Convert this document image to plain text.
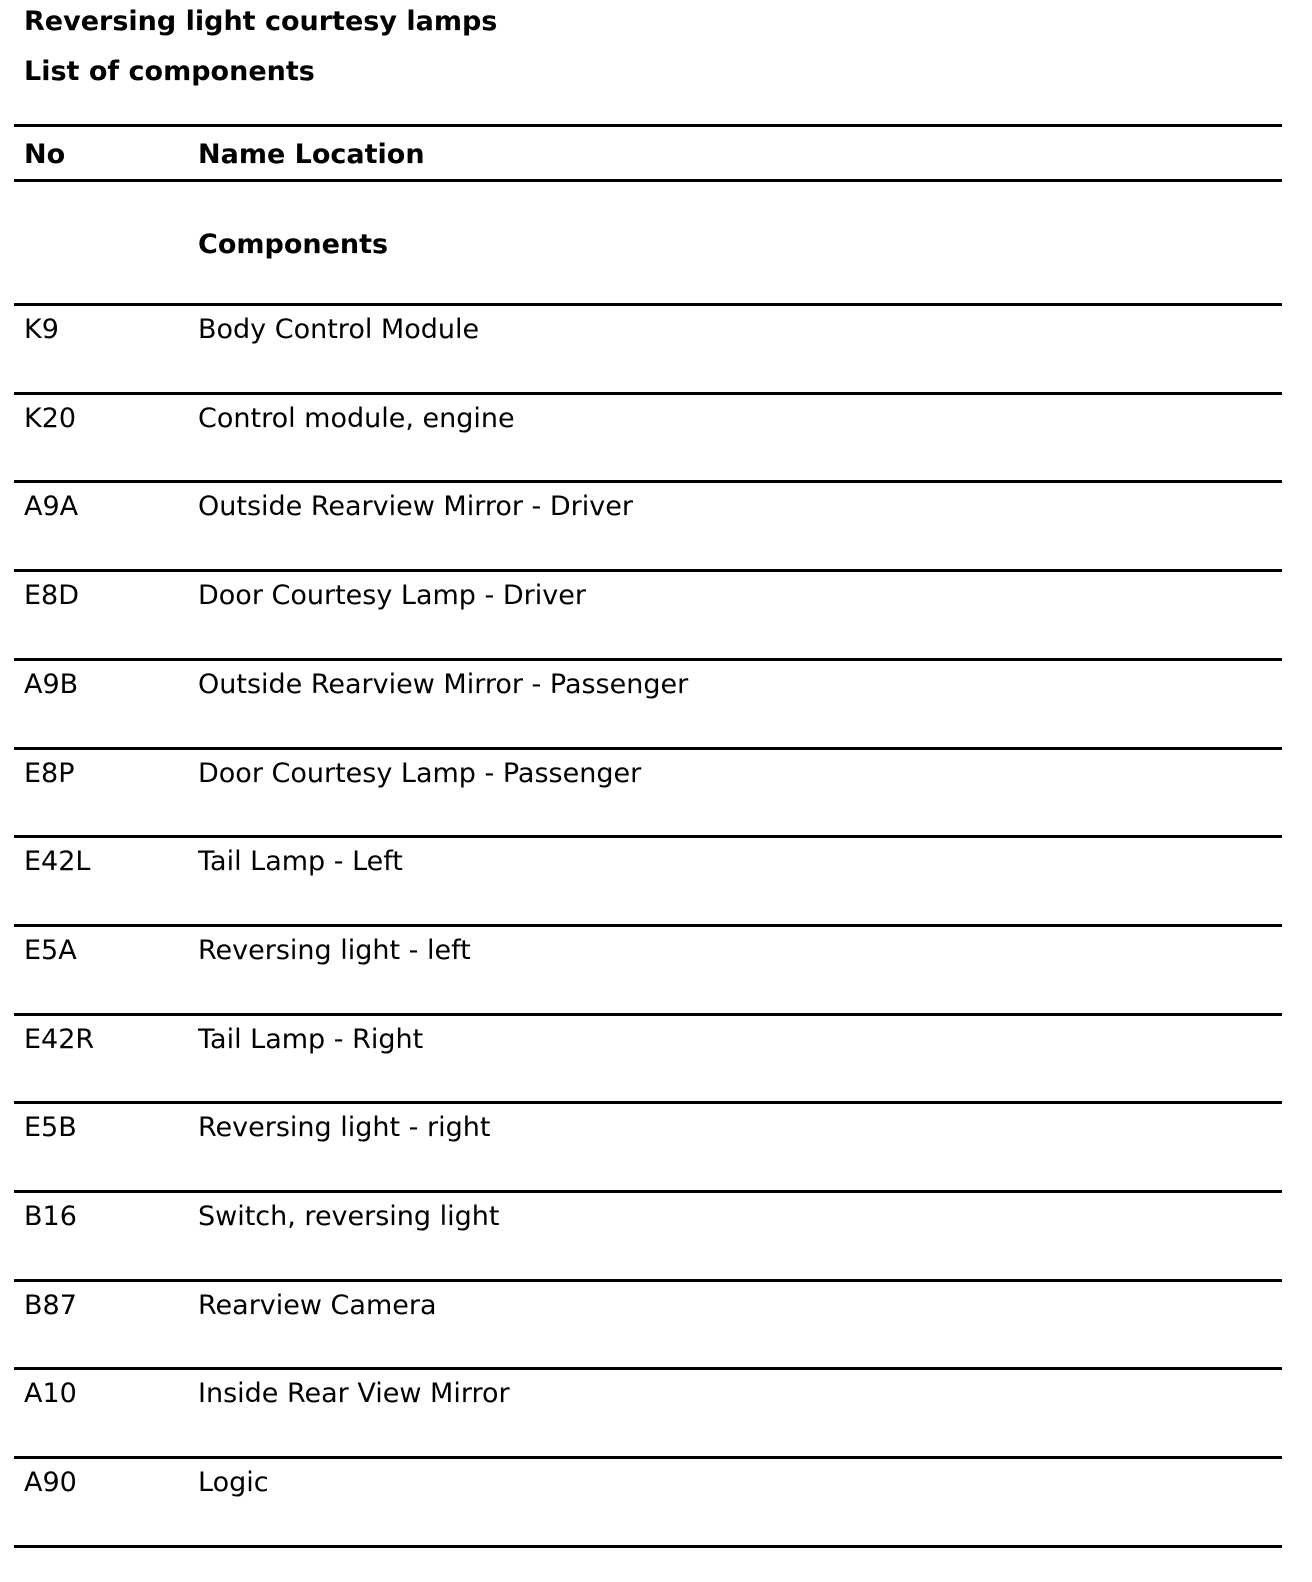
Reversing light courtesy lamps
List of components
No	Name Location
Components
K9	Body Control Module
K20	Control module, engine
A9A	Outside Rearview Mirror - Driver
E8D	Door Courtesy Lamp - Driver
A9B	Outside Rearview Mirror - Passenger
E8P	Door Courtesy Lamp - Passenger
E42L	Tail Lamp - Left
E5A	Reversing light - left
E42R	Tail Lamp - Right
E5B	Reversing light - right
B16	Switch, reversing light
B87	Rearview Camera
A10	Inside Rear View Mirror
A90	Logic
